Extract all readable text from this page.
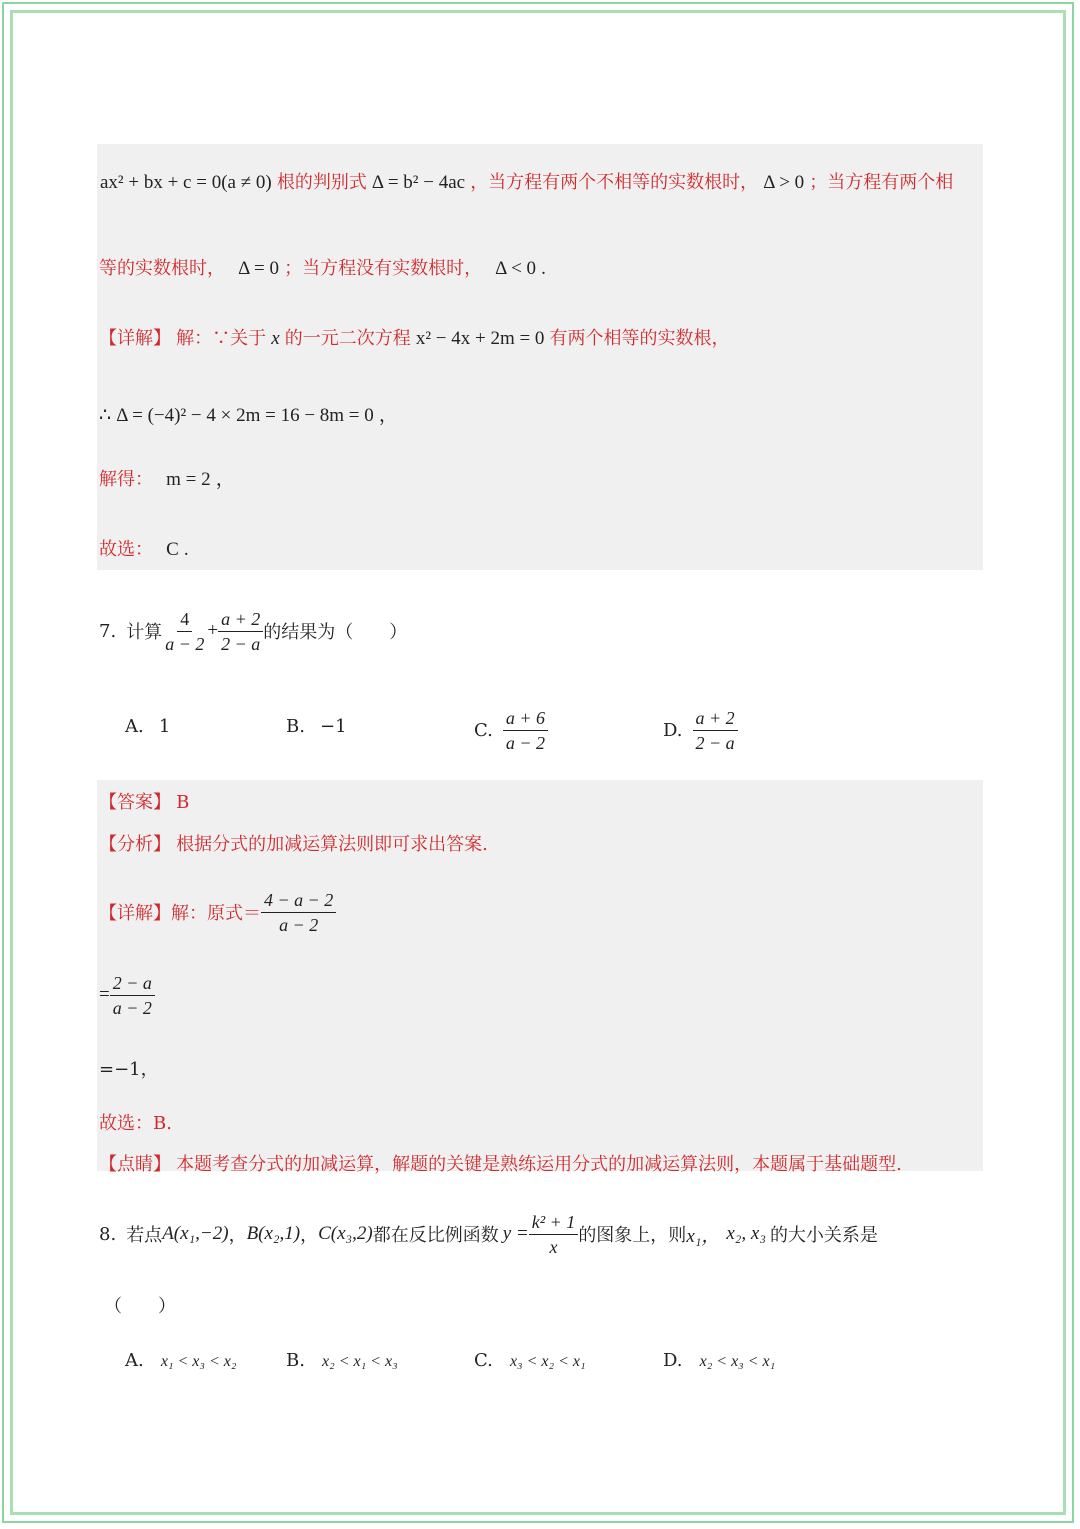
ax² + bx + c = 0(a ≠ 0) 根的判别式 Δ = b² − 4ac ，当方程有两个不相等的实数根时， Δ > 0 ；当方程有两个相
等的实数根时， Δ = 0 ；当方程没有实数根时， Δ < 0 .
【详解】 解：∵关于 x 的一元二次方程 x² − 4x + 2m = 0 有两个相等的实数根，
∴ Δ = (−4)² − 4 × 2m = 16 − 8m = 0 ，
解得： m = 2 ，
故选： C .
7. 计算 $\frac{4}{a - 2} + \frac{a + 2}{2 - a}$ 的结果为（　　）
A. 1	B. −1	C. $\frac{a + 6}{a - 2}$	D. $\frac{a + 2}{2 - a}$
【答案】 B
【分析】 根据分式的加减运算法则即可求出答案.
【详解】 解：原式＝ $\frac{4 - a - 2}{a - 2}$
= $\frac{2 - a}{a - 2}$
=−1，
故选：B.
【点睛】 本题考查分式的加减运算，解题的关键是熟练运用分式的加减运算法则，本题属于基础题型.
8. 若点 A(x₁,−2) ， B(x₂,1) ， C(x₃,2) 都在反比例函数 $y = \frac{\text{k² + 1}}{x}$ 的图象上，则 x₁， x₂, x₃ 的大小关系是
（　　）
A. x₁ < x₃ < x₂	B. x₂ < x₁ < x₃	C. x₃ < x₂ < x₁	D. x₂ < x₃ < x₁
